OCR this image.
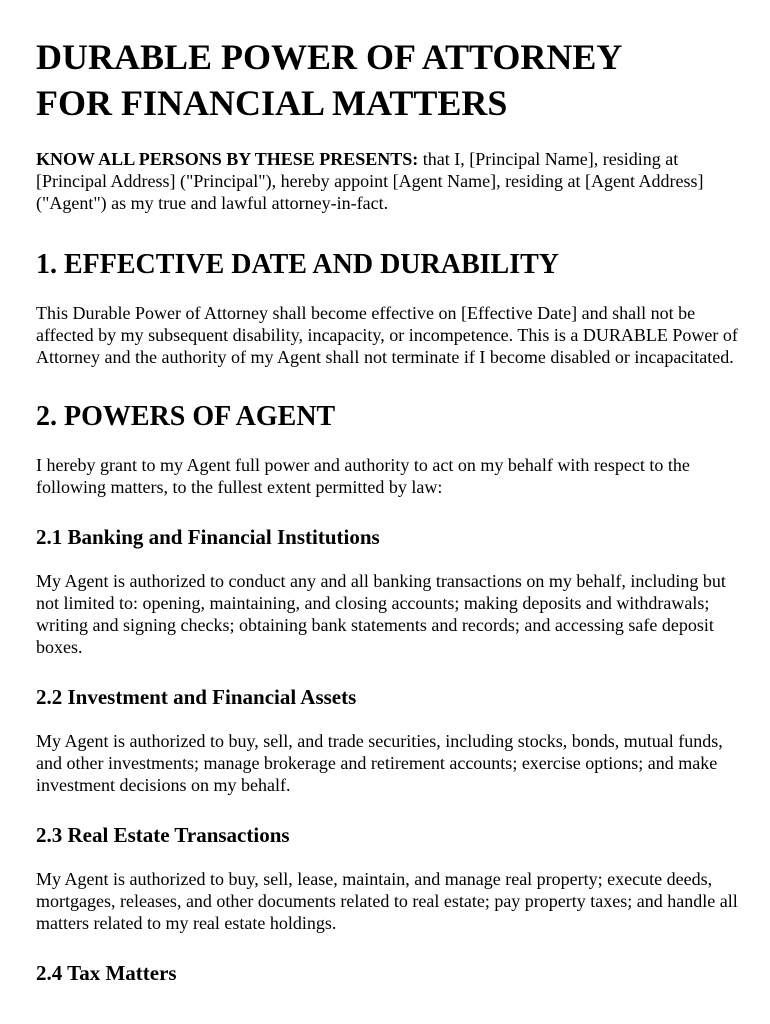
DURABLE POWER OF ATTORNEY
FOR FINANCIAL MATTERS

KNOW ALL PERSONS BY THESE PRESENTS: that I, [Principal Name], residing at [Principal Address] ("Principal"), hereby appoint [Agent Name], residing at [Agent Address] ("Agent") as my true and lawful attorney-in-fact.

1. EFFECTIVE DATE AND DURABILITY

This Durable Power of Attorney shall become effective on [Effective Date] and shall not be affected by my subsequent disability, incapacity, or incompetence. This is a DURABLE Power of Attorney and the authority of my Agent shall not terminate if I become disabled or incapacitated.

2. POWERS OF AGENT

I hereby grant to my Agent full power and authority to act on my behalf with respect to the following matters, to the fullest extent permitted by law:

2.1 Banking and Financial Institutions

My Agent is authorized to conduct any and all banking transactions on my behalf, including but not limited to: opening, maintaining, and closing accounts; making deposits and withdrawals; writing and signing checks; obtaining bank statements and records; and accessing safe deposit boxes.

2.2 Investment and Financial Assets

My Agent is authorized to buy, sell, and trade securities, including stocks, bonds, mutual funds, and other investments; manage brokerage and retirement accounts; exercise options; and make investment decisions on my behalf.

2.3 Real Estate Transactions

My Agent is authorized to buy, sell, lease, maintain, and manage real property; execute deeds, mortgages, releases, and other documents related to real estate; pay property taxes; and handle all matters related to my real estate holdings.

2.4 Tax Matters
